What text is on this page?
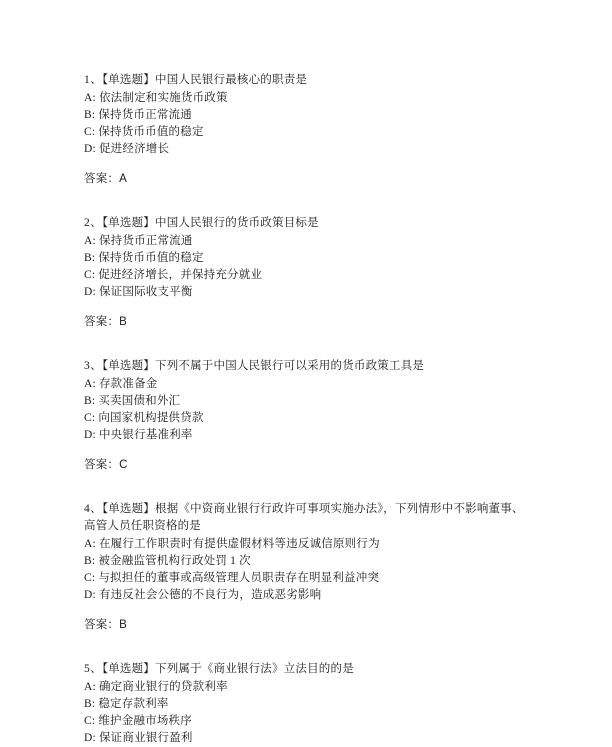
1、【单选题】中国人民银行最核心的职责是
A: 依法制定和实施货币政策
B: 保持货币正常流通
C: 保持货币币值的稳定
D: 促进经济增长
答案：A
2、【单选题】中国人民银行的货币政策目标是
A: 保持货币正常流通
B: 保持货币币值的稳定
C: 促进经济增长，并保持充分就业
D: 保证国际收支平衡
答案：B
3、【单选题】下列不属于中国人民银行可以采用的货币政策工具是
A: 存款准备金
B: 买卖国债和外汇
C: 向国家机构提供贷款
D: 中央银行基准利率
答案：C
4、【单选题】根据《中资商业银行行政许可事项实施办法》，下列情形中不影响董事、高管人员任职资格的是
A: 在履行工作职责时有提供虚假材料等违反诚信原则行为
B: 被金融监管机构行政处罚 1 次
C: 与拟担任的董事或高级管理人员职责存在明显利益冲突
D: 有违反社会公德的不良行为，造成恶劣影响
答案：B
5、【单选题】下列属于《商业银行法》立法目的的是
A: 确定商业银行的贷款利率
B: 稳定存款利率
C: 维护金融市场秩序
D: 保证商业银行盈利
